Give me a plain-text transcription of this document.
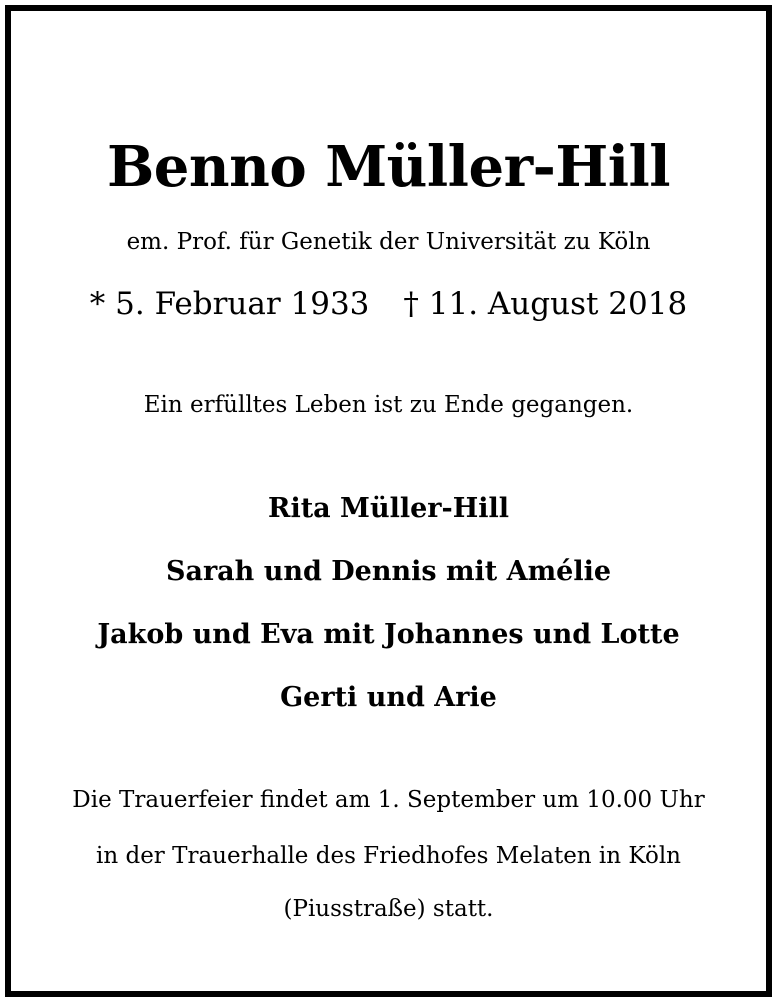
Benno Müller-Hill
em. Prof. für Genetik der Universität zu Köln
* 5. Februar 1933 † 11. August 2018
Ein erfülltes Leben ist zu Ende gegangen.
Rita Müller-Hill
Sarah und Dennis mit Amélie
Jakob und Eva mit Johannes und Lotte
Gerti und Arie
Die Trauerfeier findet am 1. September um 10.00 Uhr
in der Trauerhalle des Friedhofes Melaten in Köln
(Piusstraße) statt.
